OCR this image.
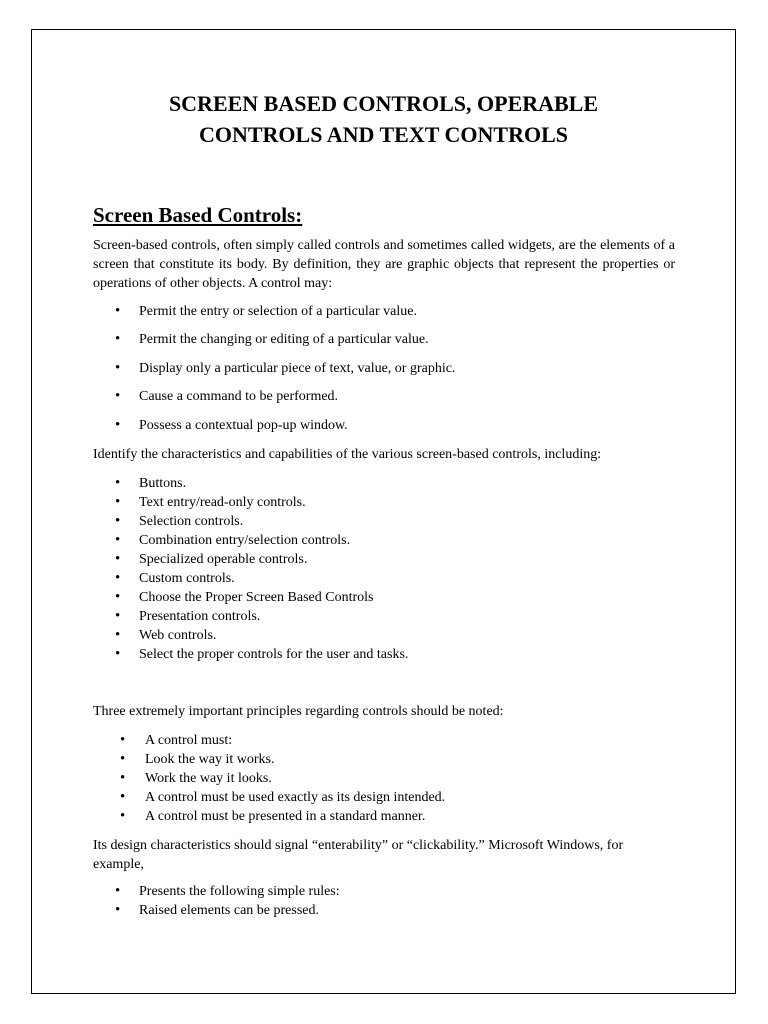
SCREEN BASED CONTROLS, OPERABLE
CONTROLS AND TEXT CONTROLS
Screen Based Controls:

Screen-based controls, often simply called controls and sometimes called widgets, are the elements of a screen that constitute its body. By definition, they are graphic objects that represent the properties or operations of other objects. A control may:

• Permit the entry or selection of a particular value.
• Permit the changing or editing of a particular value.
• Display only a particular piece of text, value, or graphic.
• Cause a command to be performed.
• Possess a contextual pop-up window.

Identify the characteristics and capabilities of the various screen-based controls, including:

• Buttons.
• Text entry/read-only controls.
• Selection controls.
• Combination entry/selection controls.
• Specialized operable controls.
• Custom controls.
• Choose the Proper Screen Based Controls
• Presentation controls.
• Web controls.
• Select the proper controls for the user and tasks.

Three extremely important principles regarding controls should be noted:

• A control must:
• Look the way it works.
• Work the way it looks.
• A control must be used exactly as its design intended.
• A control must be presented in a standard manner.

Its design characteristics should signal “enterability” or “clickability.” Microsoft Windows, for example,

• Presents the following simple rules:
• Raised elements can be pressed.
